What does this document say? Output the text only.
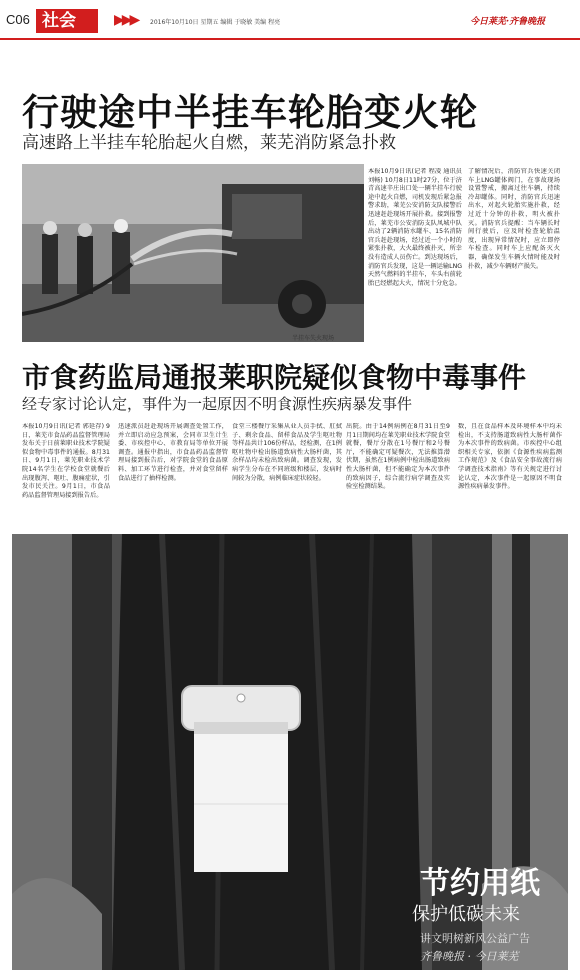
C06 社会	▶▶▶ 2016年10月10日 星期五 编辑 于晓敏 美编 程亮	今日莱芜·齐鲁晚报
行驶途中半挂车轮胎变火轮
高速路上半挂车轮胎起火自燃，莱芜消防紧急扑救
半挂车失火现场
本报10月9日讯(记者 程凌 通讯员 刘畅) 10月8日11时27分，位于济青高速辛庄出口处一辆半挂车行驶途中起火自燃，司机发现后紧急报警求助，莱芜公安消防支队接警后迅速赶赴现场开展扑救。接到报警后，莱芜市公安消防支队凤城中队出动了2辆消防水罐车、15名消防官兵赶赴现场，经过近一个小时的紧张扑救，大火最终被扑灭，所幸没有造成人员伤亡。到达现场后，消防官兵发现，这是一辆运输LNG天然气燃料的半挂车，车头右前轮胎已经燃起大火，情况十分危急。
了解情况后，消防官兵快速关闭车上LNG罐体阀门，在事故现场设置警戒，搬离过往车辆，持续冷却罐体。同时，消防官兵迅速出水，对起火轮胎实施扑救，经过近十分钟的扑救，明火被扑灭。消防官兵提醒：当车辆长时间行驶后，应及时检查轮胎温度，出现异常情况时，应立即停车检查。同时车上应配备灭火器，确保发生车辆火情时能及时扑救，减少车辆财产损失。
市食药监局通报莱职院疑似食物中毒事件
经专家讨论认定，事件为一起原因不明食源性疾病暴发事件
本报10月9日讯(记者 郭延存) 9日，莱芜市食品药品监督管理局发布关于日前莱职业技术学院疑似食物中毒事件的通报。8月31日、9月1日，莱芜职业技术学院14名学生在学校食堂就餐后出现腹泻、呕吐、腹痛症状，引发市民关注。9月1日，市食品药品监督管理局接到报告后。
迅速派员赶赴现场开展调查处置工作，并立即启动应急预案，会同市卫生计生委、市疾控中心、市教育局等单位开展调查。通报中指出，市食品药品监督管理局接到报告后，对学院食堂的食品原料、加工环节进行检查，并对食堂留样食品进行了抽样检测。
食堂三楼餐厅采集从业人员手拭、肛拭子、剩余食品、留样食品及学生呕吐物等样品共计106份样品，经检测，在1例呕吐物中检出肠道致病性大肠杆菌，其余样品均未检出致病菌。调查发现，发病学生分布在不同班级和楼层，发病时间较为分散，病例临床症状较轻。
出院。由于14例病例在8月31日至9月1日期间均在莱芜职业技术学院食堂就餐，餐厅分散在1号餐厅和2号餐厅，不能确定可疑餐次，无法推算潜伏期，虽然在1例病例中检出肠道致病性大肠杆菌，但不能确定为本次事件的致病因子，综合流行病学调查及实验室检测结果。
数，且在食品样本及环境样本中均未检出，不支持肠道致病性大肠杆菌作为本次事件的致病菌。市疾控中心组织相关专家，依据《食源性疾病监测工作规范》及《食品安全事故流行病学调查技术指南》等有关规定进行讨论认定，本次事件是一起原因不明食源性疾病暴发事件。
节约用纸
保护低碳未来
讲文明树新风公益广告
齐鲁晚报 · 今日莱芜
